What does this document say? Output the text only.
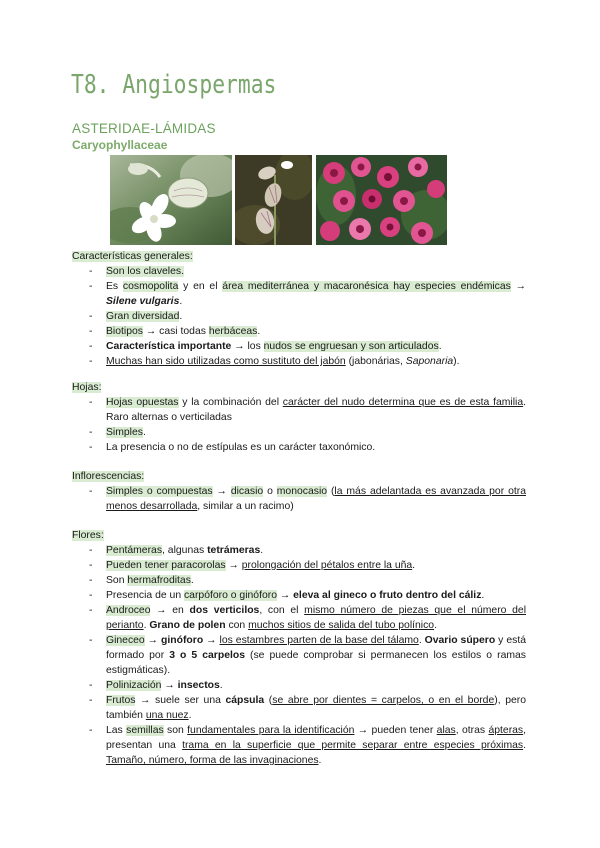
T8. Angiospermas
ASTERIDAE-LÁMIDAS
Caryophyllaceae
Características generales:
- Son los claveles.
- Es cosmopolita y en el área mediterránea y macaronésica hay especies endémicas → Silene vulgaris.
- Gran diversidad.
- Biotipos → casi todas herbáceas.
- Característica importante → los nudos se engruesan y son articulados.
- Muchas han sido utilizadas como sustituto del jabón (jabonárias, Saponaria).
Hojas:
- Hojas opuestas y la combinación del carácter del nudo determina que es de esta familia. Raro alternas o verticiladas
- Simples.
- La presencia o no de estípulas es un carácter taxonómico.
Inflorescencias:
- Simples o compuestas → dicasio o monocasio (la más adelantada es avanzada por otra menos desarrollada, similar a un racimo)
Flores:
- Pentámeras, algunas tetrámeras.
- Pueden tener paracorolas → prolongación del pétalos entre la uña.
- Son hermafroditas.
- Presencia de un carpóforo o ginóforo → eleva al gineco o fruto dentro del cáliz.
- Androceo → en dos verticilos, con el mismo número de piezas que el número del perianto. Grano de polen con muchos sitios de salida del tubo polínico.
- Gineceo → ginóforo → los estambres parten de la base del tálamo. Ovario súpero y está formado por 3 o 5 carpelos (se puede comprobar si permanecen los estilos o ramas estigmáticas).
- Polinización → insectos.
- Frutos → suele ser una cápsula (se abre por dientes = carpelos, o en el borde), pero también una nuez.
- Las semillas son fundamentales para la identificación → pueden tener alas, otras ápteras, presentan una trama en la superficie que permite separar entre especies próximas. Tamaño, número, forma de las invaginaciones.
